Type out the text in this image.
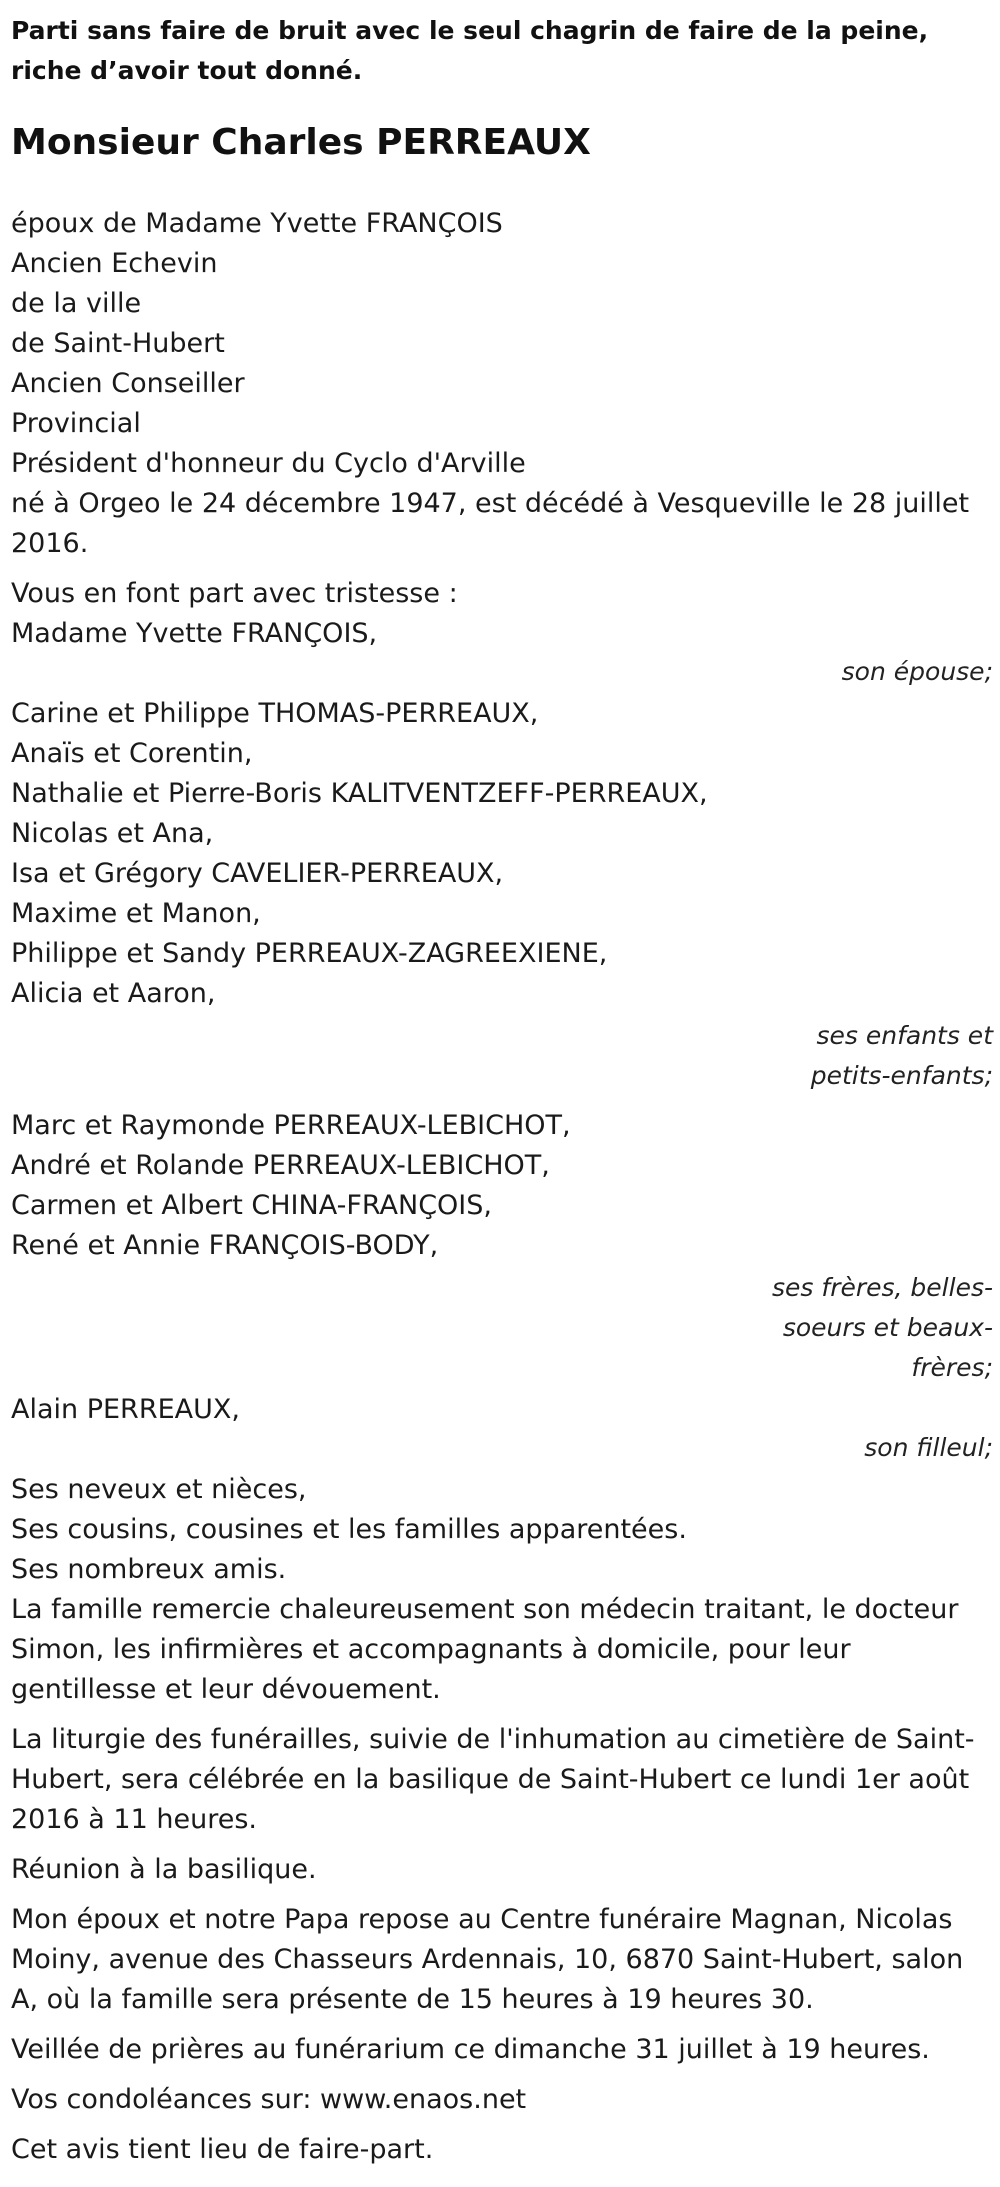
Parti sans faire de bruit avec le seul chagrin de faire de la peine, riche d’avoir tout donné.

Monsieur Charles PERREAUX
époux de Madame Yvette FRANÇOIS
Ancien Echevin
de la ville
de Saint-Hubert
Ancien Conseiller
Provincial
Président d'honneur du Cyclo d'Arville

né à Orgeo le 24 décembre 1947, est décédé à Vesqueville le 28 juillet 2016.

Vous en font part avec tristesse :
Madame Yvette FRANÇOIS,
son épouse;
Carine et Philippe THOMAS-PERREAUX,
Anaïs et Corentin,
Nathalie et Pierre-Boris KALITVENTZEFF-PERREAUX,
Nicolas et Ana,
Isa et Grégory CAVELIER-PERREAUX,
Maxime et Manon,
Philippe et Sandy PERREAUX-ZAGREEXIENE,
Alicia et Aaron,
ses enfants et
petits-enfants;
Marc et Raymonde PERREAUX-LEBICHOT,
André et Rolande PERREAUX-LEBICHOT,
Carmen et Albert CHINA-FRANÇOIS,
René et Annie FRANÇOIS-BODY,
ses frères, belles-
soeurs et beaux-
frères;
Alain PERREAUX,
son filleul;
Ses neveux et nièces,
Ses cousins, cousines et les familles apparentées.
Ses nombreux amis.

La famille remercie chaleureusement son médecin traitant, le docteur Simon, les infirmières et accompagnants à domicile, pour leur gentillesse et leur dévouement.

La liturgie des funérailles, suivie de l'inhumation au cimetière de Saint-Hubert, sera célébrée en la basilique de Saint-Hubert ce lundi 1er août 2016 à 11 heures.

Réunion à la basilique.

Mon époux et notre Papa repose au Centre funéraire Magnan, Nicolas Moiny, avenue des Chasseurs Ardennais, 10, 6870 Saint-Hubert, salon A, où la famille sera présente de 15 heures à 19 heures 30.

Veillée de prières au funérarium ce dimanche 31 juillet à 19 heures.

Vos condoléances sur: www.enaos.net

Cet avis tient lieu de faire-part.
